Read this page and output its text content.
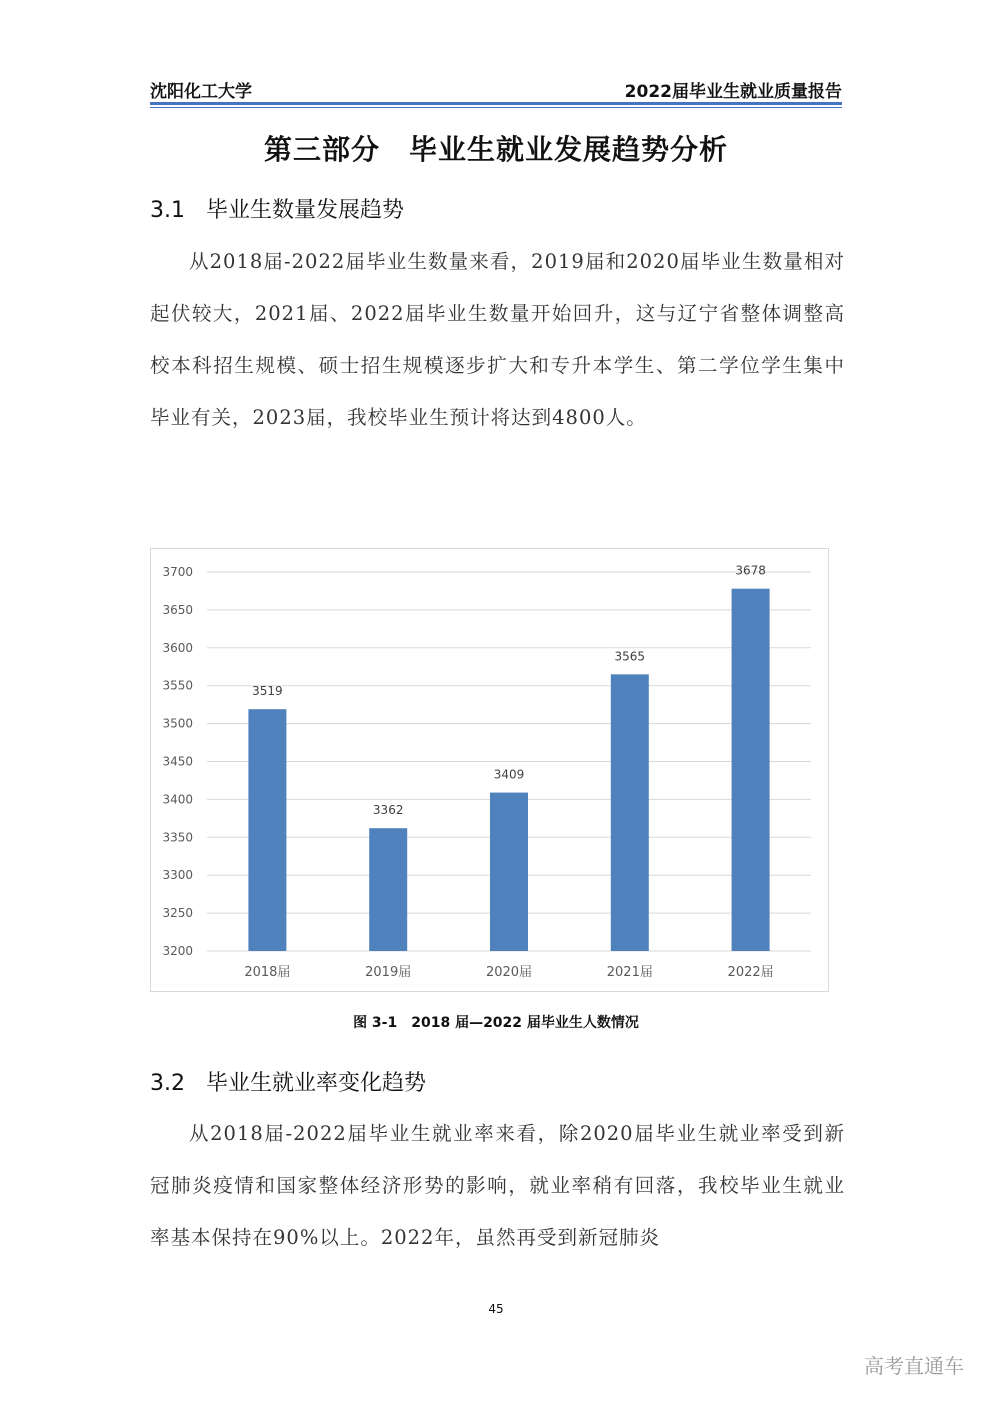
沈阳化工大学	2022届毕业生就业质量报告
第三部分　毕业生就业发展趋势分析
3.1 毕业生数量发展趋势
从2018届-2022届毕业生数量来看，2019届和2020届毕业生数量相对起伏较大，2021届、2022届毕业生数量开始回升，这与辽宁省整体调整高校本科招生规模、硕士招生规模逐步扩大和专升本学生、第二学位学生集中毕业有关，2023届，我校毕业生预计将达到4800人。
3200
3250
3300
3350
3400
3450
3500
3550
3600
3650
3700
3519
2018届
3362
2019届
3409
2020届
3565
2021届
3678
2022届
图 3-1　2018 届—2022 届毕业生人数情况
3.2 毕业生就业率变化趋势
从2018届-2022届毕业生就业率来看，除2020届毕业生就业率受到新冠肺炎疫情和国家整体经济形势的影响，就业率稍有回落，我校毕业生就业率基本保持在90%以上。2022年，虽然再受到新冠肺炎
45
高考直通车
